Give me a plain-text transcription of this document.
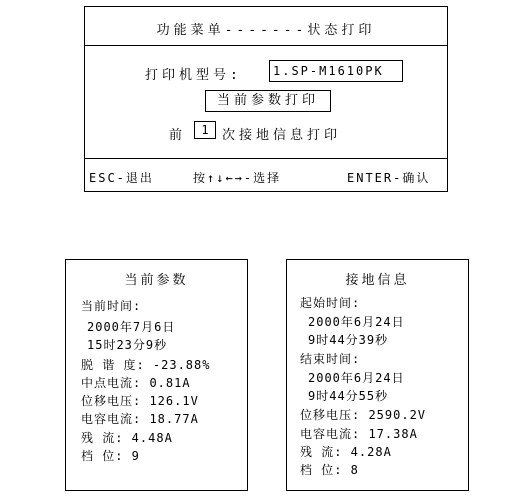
功能菜单-------状态打印
打印机型号:	1.SP-M1610PK
当前参数打印
前	1	次接地信息打印
ESC-退出	按↑↓←→-选择	ENTER-确认
当前参数
当前时间:
2000年7月6日
15时23分9秒
脱 谐 度: -23.88%
中点电流: 0.81A
位移电压: 126.1V
电容电流: 18.77A
残 流: 4.48A
档 位: 9
接地信息
起始时间:
2000年6月24日
9时44分39秒
结束时间:
2000年6月24日
9时44分55秒
位移电压: 2590.2V
电容电流: 17.38A
残 流: 4.28A
档 位: 8
